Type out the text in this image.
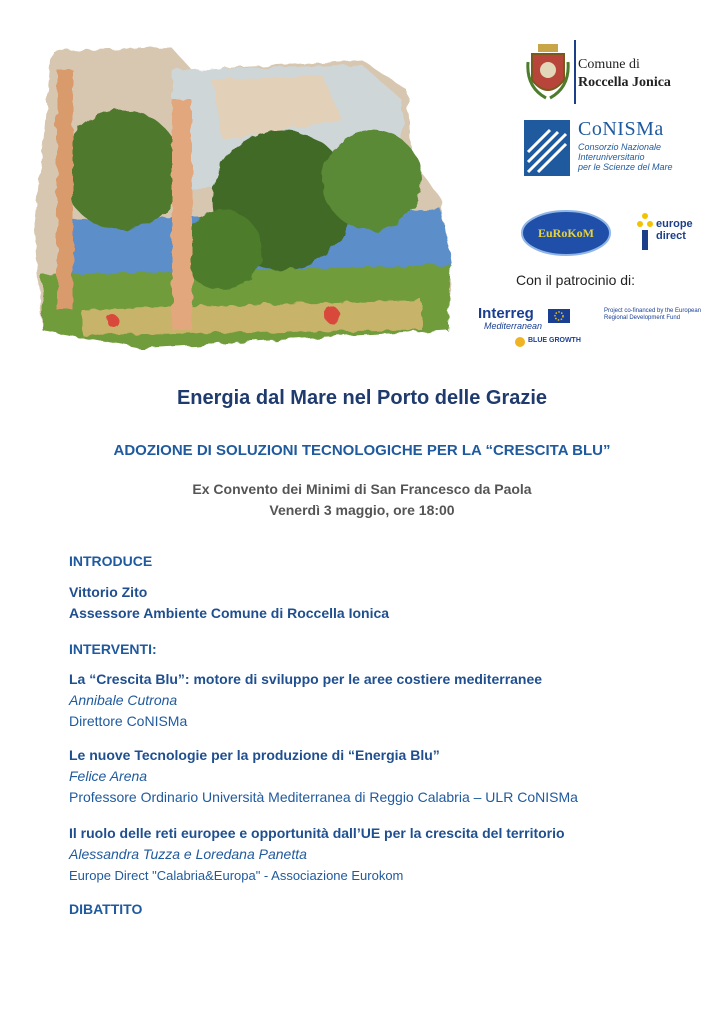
Comune di
Roccella Jonica
CoNISMa
Consorzio Nazionale
Interuniversitario
per le Scienze del Mare
EuRoKoM
europe
direct
Con il patrocinio di:
Interreg
Mediterranean
BLUE GROWTH
Project co-financed by the European Regional Development Fund
Energia dal Mare nel Porto delle Grazie
ADOZIONE DI SOLUZIONI TECNOLOGICHE PER LA “CRESCITA BLU”
Ex Convento dei Minimi di San Francesco da Paola
Venerdì 3 maggio, ore 18:00
INTRODUCE
Vittorio Zito
Assessore Ambiente Comune di Roccella Ionica
INTERVENTI:
La “Crescita Blu”: motore di sviluppo per le aree costiere mediterranee
Annibale Cutrona
Direttore CoNISMa
Le nuove Tecnologie per la produzione di “Energia Blu”
Felice Arena
Professore Ordinario Università Mediterranea di Reggio Calabria – ULR CoNISMa
Il ruolo delle reti europee e opportunità dall’UE per la crescita del territorio
Alessandra Tuzza e Loredana Panetta
Europe Direct "Calabria&Europa" - Associazione Eurokom
DIBATTITO
